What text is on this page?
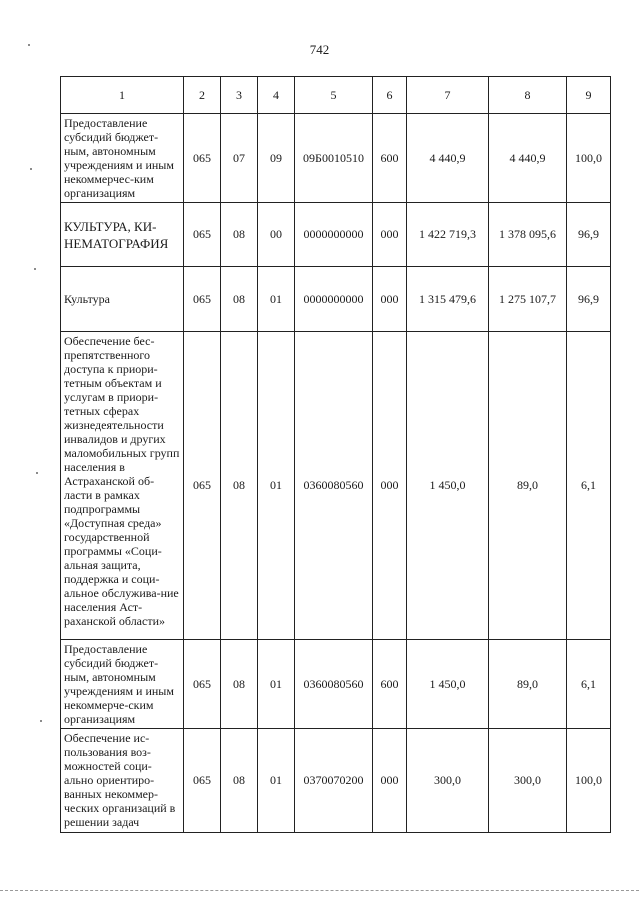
742
1	2	3	4	5	6	7	8	9
Предоставление субсидий бюджет-ным, автономным учреждениям и иным некоммерчес-ким организациям	065	07	09	09Б0010510	600	4 440,9	4 440,9	100,0
КУЛЬТУРА, КИ-НЕМАТОГРАФИЯ	065	08	00	0000000000	000	1 422 719,3	1 378 095,6	96,9
Культура	065	08	01	0000000000	000	1 315 479,6	1 275 107,7	96,9
Обеспечение бес-препятственного доступа к приори-тетным объектам и услугам в приори-тетных сферах жизнедеятельности инвалидов и других маломобильных групп населения в Астраханской об-ласти в рамках подпрограммы «Доступная среда» государственной программы «Соци-альная защита, поддержка и соци-альное обслужива-ние населения Аст-раханской области»	065	08	01	0360080560	000	1 450,0	89,0	6,1
Предоставление субсидий бюджет-ным, автономным учреждениям и иным некоммерче-ским организациям	065	08	01	0360080560	600	1 450,0	89,0	6,1
Обеспечение ис-пользования воз-можностей соци-ально ориентиро-ванных некоммер-ческих организаций в решении задач	065	08	01	0370070200	000	300,0	300,0	100,0
